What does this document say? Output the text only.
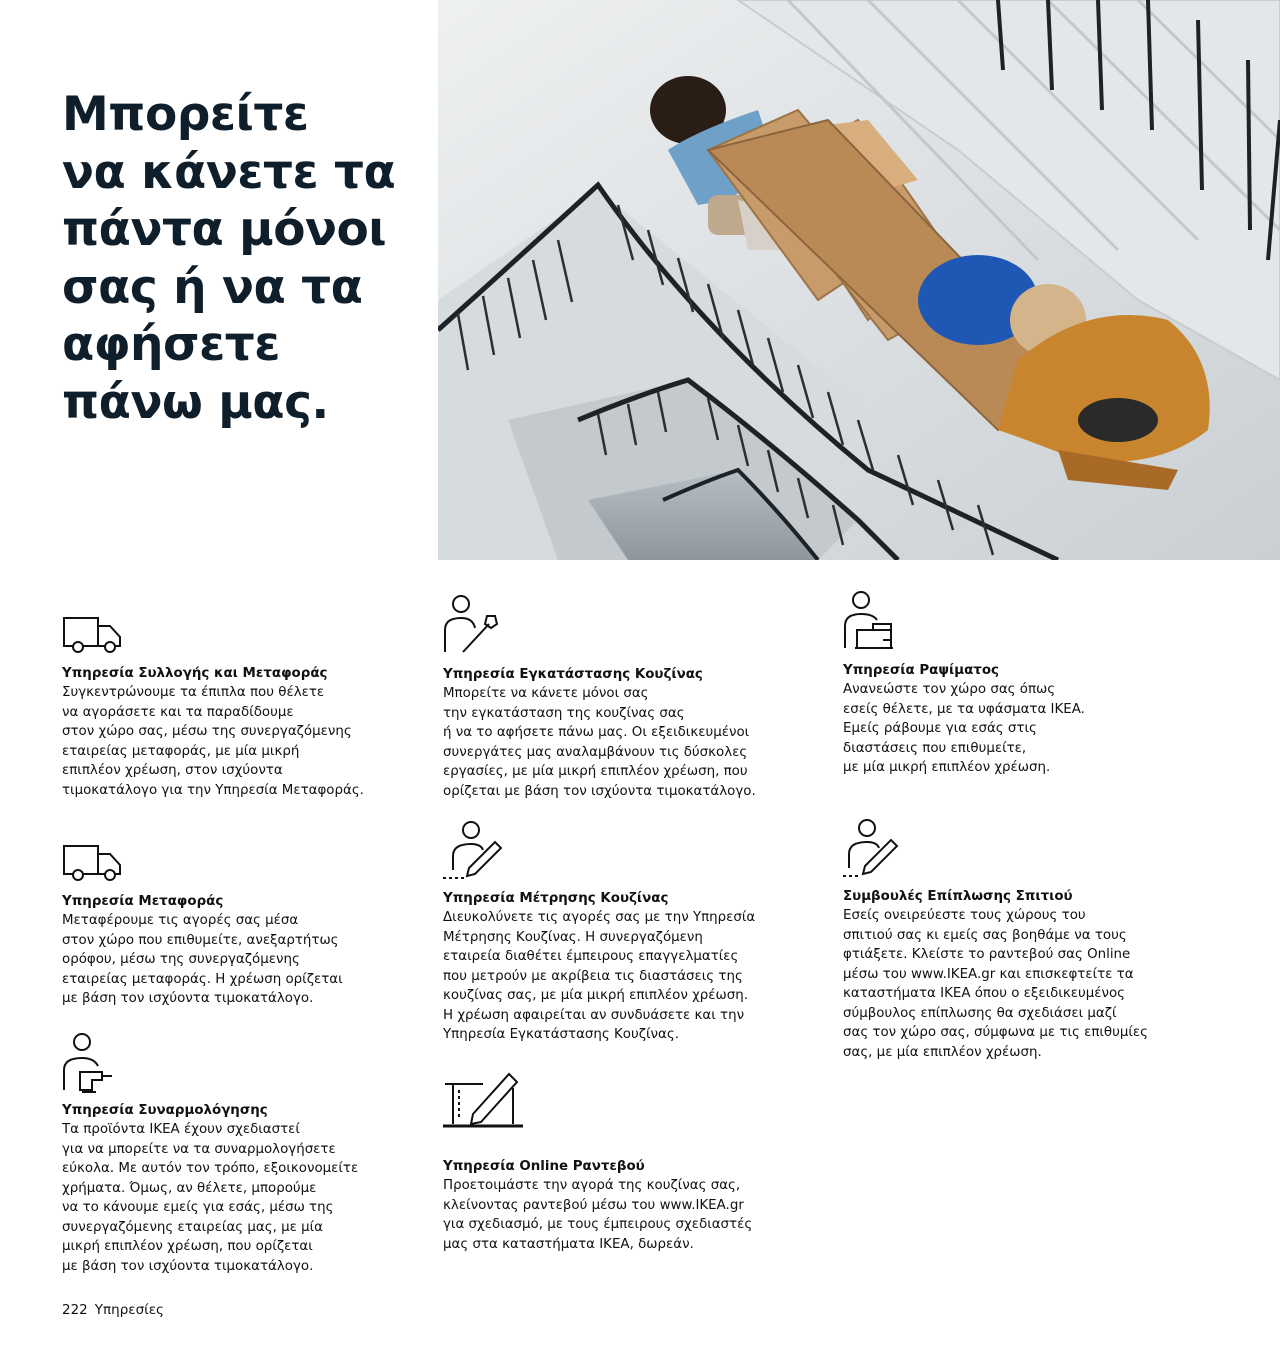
Μπορείτε
να κάνετε τα
πάντα μόνοι
σας ή να τα
αφήσετε
πάνω μας.
Υπηρεσία Συλλογής και Μεταφοράς

Συγκεντρώνουμε τα έπιπλα που θέλετε
να αγοράσετε και τα παραδίδουμε
στον χώρο σας, μέσω της συνεργαζόμενης
εταιρείας μεταφοράς, με μία μικρή
επιπλέον χρέωση, στον ισχύοντα
τιμοκατάλογο για την Υπηρεσία Μεταφοράς.

Υπηρεσία Εγκατάστασης Κουζίνας

Μπορείτε να κάνετε μόνοι σας
την εγκατάσταση της κουζίνας σας
ή να το αφήσετε πάνω μας. Οι εξειδικευμένοι
συνεργάτες μας αναλαμβάνουν τις δύσκολες
εργασίες, με μία μικρή επιπλέον χρέωση, που
ορίζεται με βάση τον ισχύοντα τιμοκατάλογο.

Υπηρεσία Ραψίματος

Ανανεώστε τον χώρο σας όπως
εσείς θέλετε, με τα υφάσματα IKEA.
Εμείς ράβουμε για εσάς στις
διαστάσεις που επιθυμείτε,
με μία μικρή επιπλέον χρέωση.

Υπηρεσία Μεταφοράς

Μεταφέρουμε τις αγορές σας μέσα
στον χώρο που επιθυμείτε, ανεξαρτήτως
ορόφου, μέσω της συνεργαζόμενης
εταιρείας μεταφοράς. Η χρέωση ορίζεται
με βάση τον ισχύοντα τιμοκατάλογο.

Υπηρεσία Μέτρησης Κουζίνας

Διευκολύνετε τις αγορές σας με την Υπηρεσία
Μέτρησης Κουζίνας. Η συνεργαζόμενη
εταιρεία διαθέτει έμπειρους επαγγελματίες
που μετρούν με ακρίβεια τις διαστάσεις της
κουζίνας σας, με μία μικρή επιπλέον χρέωση.
Η χρέωση αφαιρείται αν συνδυάσετε και την
Υπηρεσία Εγκατάστασης Κουζίνας.

Συμβουλές Επίπλωσης Σπιτιού

Εσείς ονειρεύεστε τους χώρους του
σπιτιού σας κι εμείς σας βοηθάμε να τους
φτιάξετε. Κλείστε το ραντεβού σας Online
μέσω του www.IKEA.gr και επισκεφτείτε τα
καταστήματα IKEA όπου ο εξειδικευμένος
σύμβουλος επίπλωσης θα σχεδιάσει μαζί
σας τον χώρο σας, σύμφωνα με τις επιθυμίες
σας, με μία επιπλέον χρέωση.

Υπηρεσία Συναρμολόγησης

Τα προϊόντα IKEA έχουν σχεδιαστεί
για να μπορείτε να τα συναρμολογήσετε
εύκολα. Με αυτόν τον τρόπο, εξοικονομείτε
χρήματα. Όμως, αν θέλετε, μπορούμε
να το κάνουμε εμείς για εσάς, μέσω της
συνεργαζόμενης εταιρείας μας, με μία
μικρή επιπλέον χρέωση, που ορίζεται
με βάση τον ισχύοντα τιμοκατάλογο.

Υπηρεσία Online Ραντεβού

Προετοιμάστε την αγορά της κουζίνας σας,
κλείνοντας ραντεβού μέσω του www.IKEA.gr
για σχεδιασμό, με τους έμπειρους σχεδιαστές
μας στα καταστήματα IKEA, δωρεάν.

222 Υπηρεσίες
